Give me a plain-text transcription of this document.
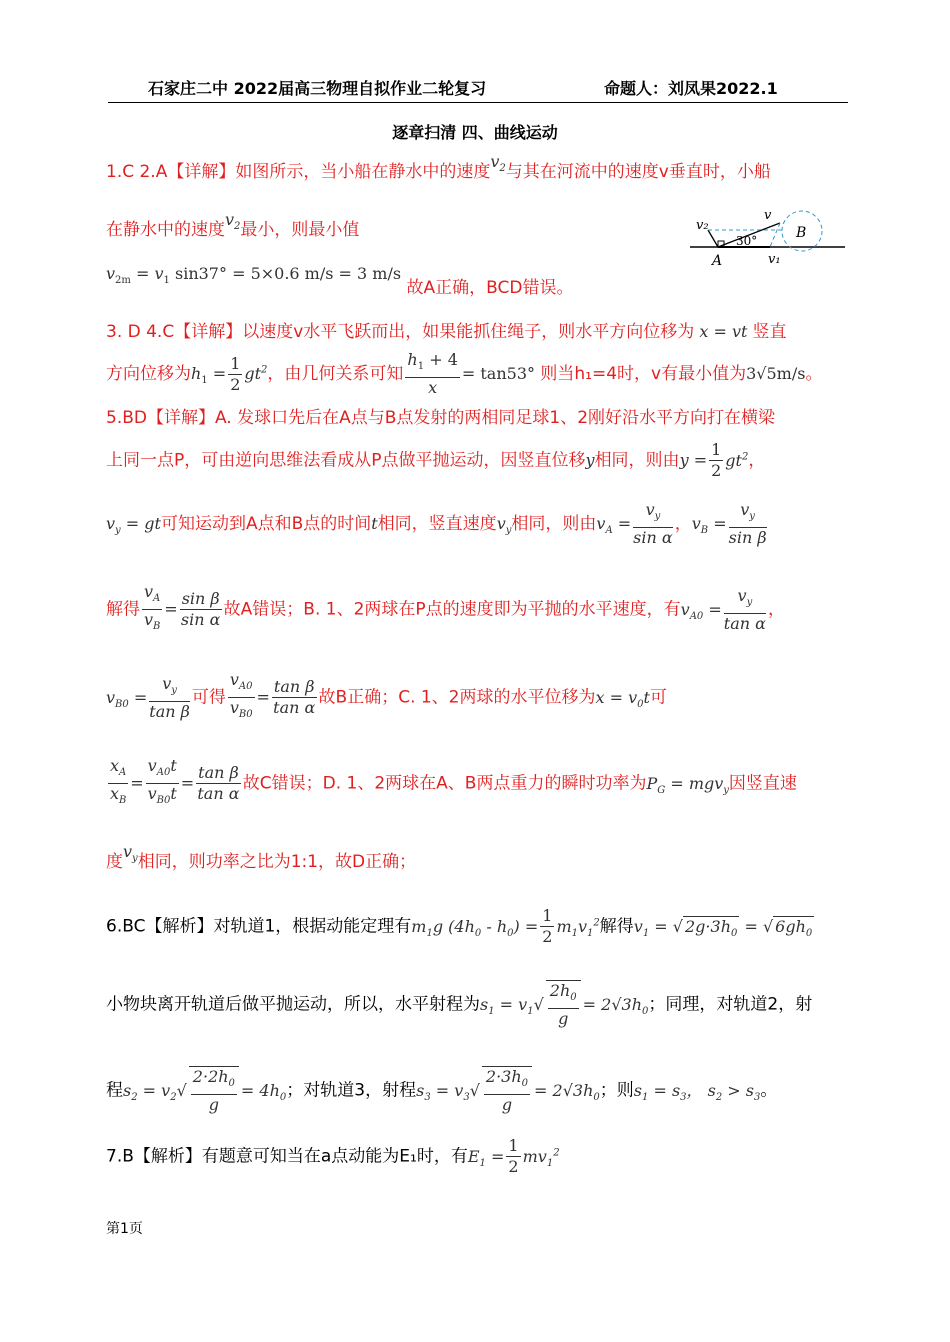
石家庄二中 2022届高三物理自拟作业二轮复习	命题人：刘凤果2022.1
逐章扫清 四、曲线运动
1.C 2.A【详解】如图所示，当小船在静水中的速度$v_2$与其在河流中的速度v垂直时，小船
在静水中的速度$v_2$最小，则最小值
$v_{2m} = v_1$ sin37° = 5×0.6 m/s = 3 m/s 故A正确，BCD错误。
v₂
v
30°	B
A	v₁
3. D 4.C【详解】以速度v水平飞跃而出，如果能抓住绳子，则水平方向位移为 x = vt 竖直
方向位移为$h_1 = \frac{1}{2} gt^2$，由几何关系可知 $\frac{h_1 + 4}{x} = \tan 53^\circ$ 则当h₁=4时，v有最小值为3√5m/s。
5.BD【详解】A. 发球口先后在A点与B点发射的两相同足球1、2刚好沿水平方向打在横梁
上同一点P，可由逆向思维法看成从P点做平抛运动，因竖直位移y相同，则由$y = \frac{1}{2} gt^2$，
$v_y$ = gt可知运动到A点和B点的时间t相同，竖直速度$v_y$相同，则由$v_A = \frac{v_y}{\text{sin α}}$ ，$v_B = \frac{v_y}{\text{sin β}}$
解得 $\frac{v_A}{v_B} = \frac{\text{sin β}}{\text{sin α}}$ 故A错误；B. 1、2两球在P点的速度即为平抛的水平速度，有$v_{A0} = \frac{v_y}{\text{tan α}}$ ，
$v_{B0} = \frac{v_y}{\text{tan β}}$ 可得 $\frac{v_{A0}}{v_{B0}} = \frac{\text{tan β}}{\text{tan α}}$ 故B正确；C. 1、2两球的水平位移为$x = v_0t$可
$\frac{x_A}{x_B} = \frac{v_{A0}t}{v_{B0}t} = \frac{\text{tan β}}{\text{tan α}}$ 故C错误；D. 1、2两球在A、B两点重力的瞬时功率为$P_G = mgv_y$因竖直速
度$v_y$相同，则功率之比为1:1，故D正确；
6.BC【解析】对轨道1，根据动能定理有$m_1g$ $(4h_0 - h_0) = \frac{1}{2} m_1v_1^2$解得$v_1$ = √ $2g\cdot 3h_0$ = √ $6gh_0$
小物块离开轨道后做平抛运动，所以，水平射程为$s_1 = v_1√ \frac{2h_0}{g} = 2√3h_0$；同理，对轨道2，射
程$s_2 = v_2√ \frac{2\cdot 2h_0}{g} = 4h_0$；对轨道3，射程$s_3 = v_3√ \frac{2\cdot 3h_0}{g} = 2√3h_0$；则$s_1 = s_3$， $s_2 > s_3$。
7.B【解析】有题意可知当在a点动能为E₁时，有$E_1 = \frac{1}{2} mv_1^2$
第1页
